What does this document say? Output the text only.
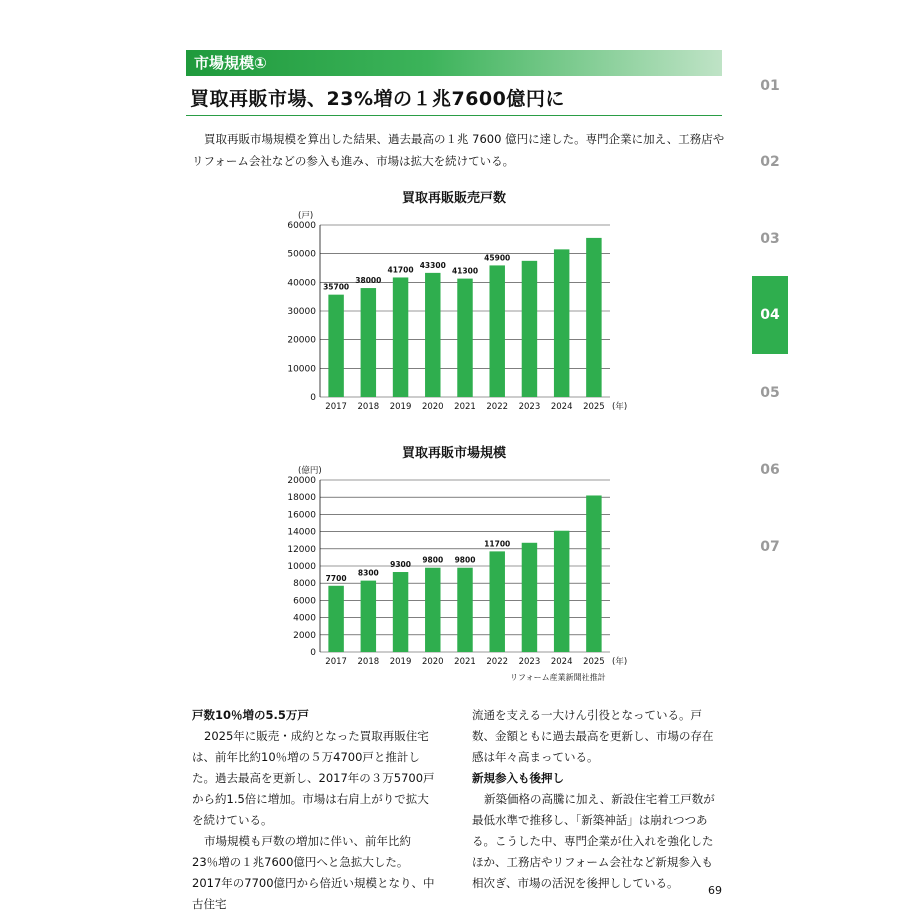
市場規模①
買取再販市場、23%増の１兆7600億円に
買取再販市場規模を算出した結果、過去最高の１兆 7600 億円に達した。専門企業に加え、工務店やリフォーム会社などの参入も進み、市場は拡大を続けている。
買取再販販売戸数
0
10000
20000
30000
40000
50000
60000
(戸)
2017
35700
2018
38000
2019
41700
2020
43300
2021
41300
2022
45900
2023 2024 2025 (年)
買取再販市場規模
0
2000
4000
6000
8000
10000
12000
14000
16000
18000
20000
(億円)
2017
7700
2018
8300
2019
9300
2020
9800
2021
9800
2022
11700
2023 2024 2025 (年)
リフォーム産業新聞社推計
戸数10％増の5.5万戸

2025年に販売・成約となった買取再販住宅は、前年比約10％増の５万4700戸と推計した。過去最高を更新し、2017年の３万5700戸から約1.5倍に増加。市場は右肩上がりで拡大を続けている。

市場規模も戸数の増加に伴い、前年比約23％増の１兆7600億円へと急拡大した。2017年の7700億円から倍近い規模となり、中古住宅

流通を支える一大けん引役となっている。戸数、金額ともに過去最高を更新し、市場の存在感は年々高まっている。

新規参入も後押し

新築価格の高騰に加え、新設住宅着工戸数が最低水準で推移し、「新築神話」は崩れつつある。こうした中、専門企業が仕入れを強化したほか、工務店やリフォーム会社など新規参入も相次ぎ、市場の活況を後押ししている。

69
01
02
03
04
05
06
07
